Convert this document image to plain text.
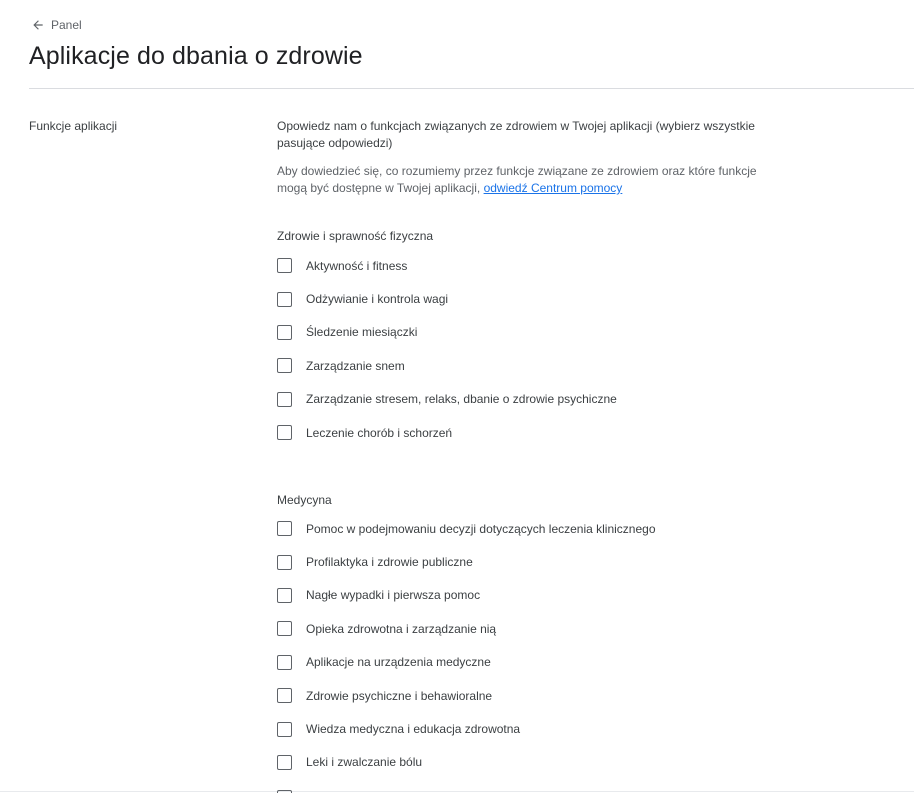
Panel
Aplikacje do dbania o zdrowie
Funkcje aplikacji	Opowiedz nam o funkcjach związanych ze zdrowiem w Twojej aplikacji (wybierz wszystkie pasujące odpowiedzi)

Aby dowiedzieć się, co rozumiemy przez funkcje związane ze zdrowiem oraz które funkcje mogą być dostępne w Twojej aplikacji, odwiedź Centrum pomocy

Zdrowie i sprawność fizyczna

Aktywność i fitness
Odżywianie i kontrola wagi
Śledzenie miesiączki
Zarządzanie snem
Zarządzanie stresem, relaks, dbanie o zdrowie psychiczne
Leczenie chorób i schorzeń

Medycyna

Pomoc w podejmowaniu decyzji dotyczących leczenia klinicznego
Profilaktyka i zdrowie publiczne
Nagłe wypadki i pierwsza pomoc
Opieka zdrowotna i zarządzanie nią
Aplikacje na urządzenia medyczne
Zdrowie psychiczne i behawioralne
Wiedza medyczna i edukacja zdrowotna
Leki i zwalczanie bólu
